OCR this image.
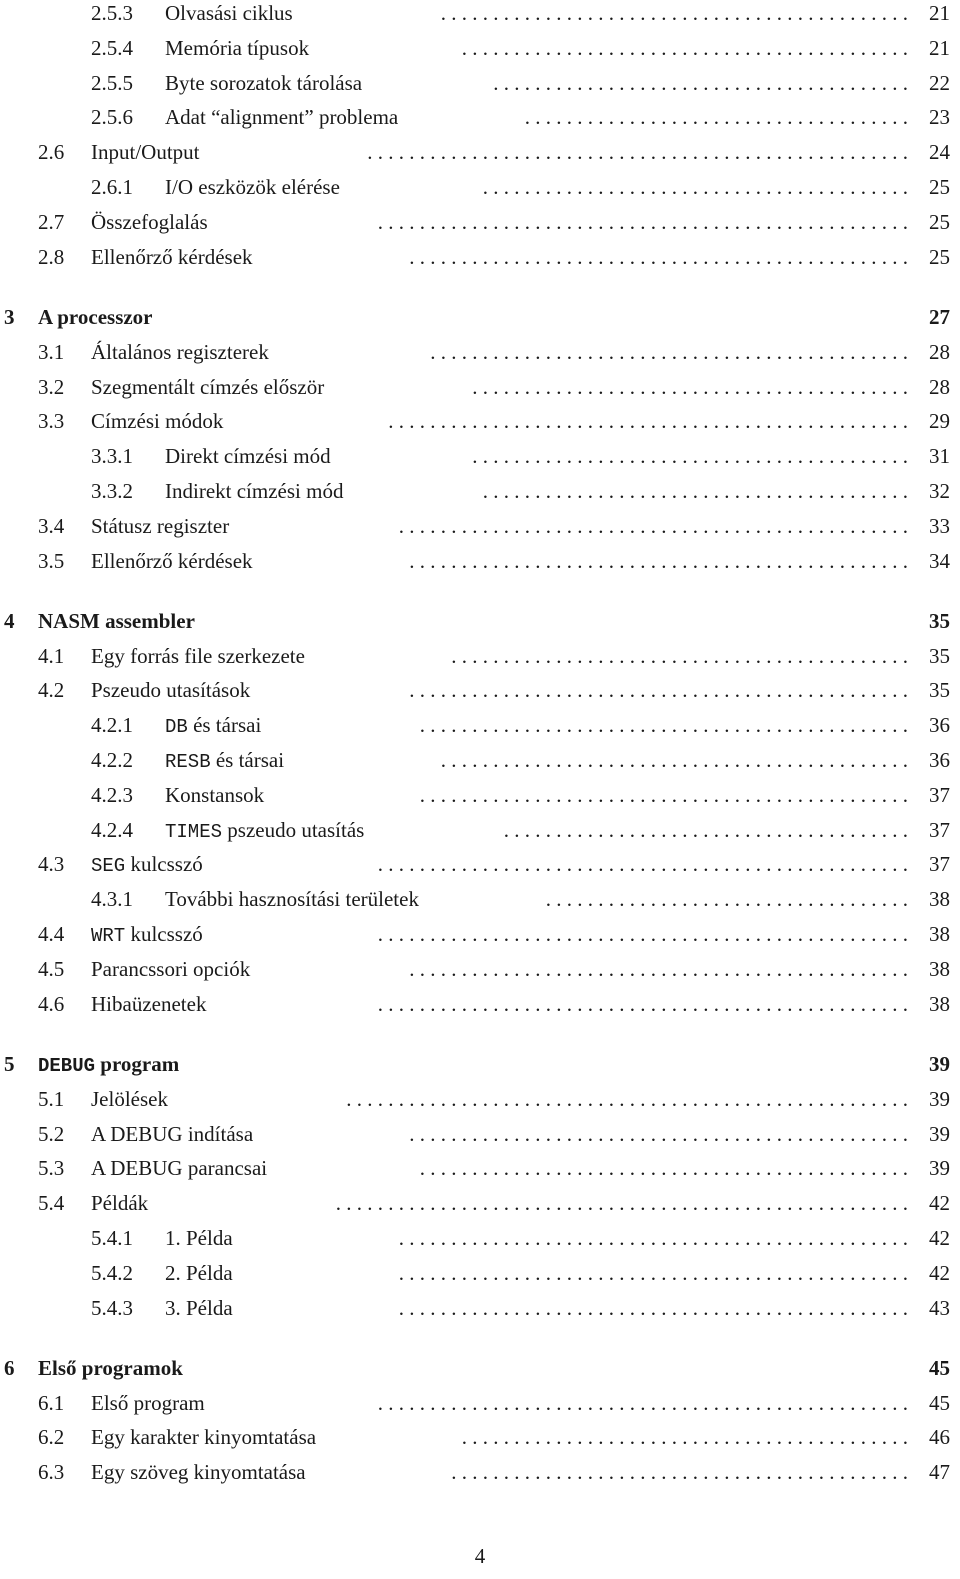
2.5.3 Olvasási ciklus	21
. . . . . . . . . . . . . . . . . . . . . . . . . . . . . . . . . . . . . . . . . . . . .
2.5.4 Memória típusok	21
. . . . . . . . . . . . . . . . . . . . . . . . . . . . . . . . . . . . . . . . . . .
2.5.5 Byte sorozatok tárolása	22
. . . . . . . . . . . . . . . . . . . . . . . . . . . . . . . . . . . . . . . .
2.5.6 Adat “alignment” problema	23
. . . . . . . . . . . . . . . . . . . . . . . . . . . . . . . . . . . . .
2.6 Input/Output	24
. . . . . . . . . . . . . . . . . . . . . . . . . . . . . . . . . . . . . . . . . . . . . . . . . . . .
2.6.1 I/O eszközök elérése	25
. . . . . . . . . . . . . . . . . . . . . . . . . . . . . . . . . . . . . . . . .
2.7 Összefoglalás	25
. . . . . . . . . . . . . . . . . . . . . . . . . . . . . . . . . . . . . . . . . . . . . . . . . . .
2.8 Ellenőrző kérdések	25
. . . . . . . . . . . . . . . . . . . . . . . . . . . . . . . . . . . . . . . . . . . . . . . .
3 A processzor	27
3.1 Általános regiszterek	28
. . . . . . . . . . . . . . . . . . . . . . . . . . . . . . . . . . . . . . . . . . . . . .
3.2 Szegmentált címzés először	28
. . . . . . . . . . . . . . . . . . . . . . . . . . . . . . . . . . . . . . . . . .
3.3 Címzési módok	29
. . . . . . . . . . . . . . . . . . . . . . . . . . . . . . . . . . . . . . . . . . . . . . . . . .
3.3.1 Direkt címzési mód	31
. . . . . . . . . . . . . . . . . . . . . . . . . . . . . . . . . . . . . . . . . .
3.3.2 Indirekt címzési mód	32
. . . . . . . . . . . . . . . . . . . . . . . . . . . . . . . . . . . . . . . . .
3.4 Státusz regiszter	33
. . . . . . . . . . . . . . . . . . . . . . . . . . . . . . . . . . . . . . . . . . . . . . . . .
3.5 Ellenőrző kérdések	34
. . . . . . . . . . . . . . . . . . . . . . . . . . . . . . . . . . . . . . . . . . . . . . . .
4 NASM assembler	35
4.1 Egy forrás file szerkezete	35
. . . . . . . . . . . . . . . . . . . . . . . . . . . . . . . . . . . . . . . . . . . .
4.2 Pszeudo utasítások	35
. . . . . . . . . . . . . . . . . . . . . . . . . . . . . . . . . . . . . . . . . . . . . . . .
4.2.1 DB és társai	36
. . . . . . . . . . . . . . . . . . . . . . . . . . . . . . . . . . . . . . . . . . . . . . .
4.2.2 RESB és társai	36
. . . . . . . . . . . . . . . . . . . . . . . . . . . . . . . . . . . . . . . . . . . . .
4.2.3 Konstansok	37
. . . . . . . . . . . . . . . . . . . . . . . . . . . . . . . . . . . . . . . . . . . . . . .
4.2.4 TIMES pszeudo utasítás	37
. . . . . . . . . . . . . . . . . . . . . . . . . . . . . . . . . . . . . . .
4.3 SEG kulcsszó	37
. . . . . . . . . . . . . . . . . . . . . . . . . . . . . . . . . . . . . . . . . . . . . . . . . . .
4.3.1 További hasznosítási területek	38
. . . . . . . . . . . . . . . . . . . . . . . . . . . . . . . . . . .
4.4 WRT kulcsszó	38
. . . . . . . . . . . . . . . . . . . . . . . . . . . . . . . . . . . . . . . . . . . . . . . . . . .
4.5 Parancssori opciók	38
. . . . . . . . . . . . . . . . . . . . . . . . . . . . . . . . . . . . . . . . . . . . . . . .
4.6 Hibaüzenetek	38
. . . . . . . . . . . . . . . . . . . . . . . . . . . . . . . . . . . . . . . . . . . . . . . . . . .
5 DEBUG program	39
5.1 Jelölések	39
. . . . . . . . . . . . . . . . . . . . . . . . . . . . . . . . . . . . . . . . . . . . . . . . . . . . . .
5.2 A DEBUG indítása	39
. . . . . . . . . . . . . . . . . . . . . . . . . . . . . . . . . . . . . . . . . . . . . . . .
5.3 A DEBUG parancsai	39
. . . . . . . . . . . . . . . . . . . . . . . . . . . . . . . . . . . . . . . . . . . . . . .
5.4 Példák	42
. . . . . . . . . . . . . . . . . . . . . . . . . . . . . . . . . . . . . . . . . . . . . . . . . . . . . . .
5.4.1 1. Példa	42
. . . . . . . . . . . . . . . . . . . . . . . . . . . . . . . . . . . . . . . . . . . . . . . . .
5.4.2 2. Példa	42
. . . . . . . . . . . . . . . . . . . . . . . . . . . . . . . . . . . . . . . . . . . . . . . . .
5.4.3 3. Példa	43
. . . . . . . . . . . . . . . . . . . . . . . . . . . . . . . . . . . . . . . . . . . . . . . . .
6 Első programok	45
6.1 Első program	45
. . . . . . . . . . . . . . . . . . . . . . . . . . . . . . . . . . . . . . . . . . . . . . . . . . .
6.2 Egy karakter kinyomtatása	46
. . . . . . . . . . . . . . . . . . . . . . . . . . . . . . . . . . . . . . . . . . .
6.3 Egy szöveg kinyomtatása	47
. . . . . . . . . . . . . . . . . . . . . . . . . . . . . . . . . . . . . . . . . . . .
4
